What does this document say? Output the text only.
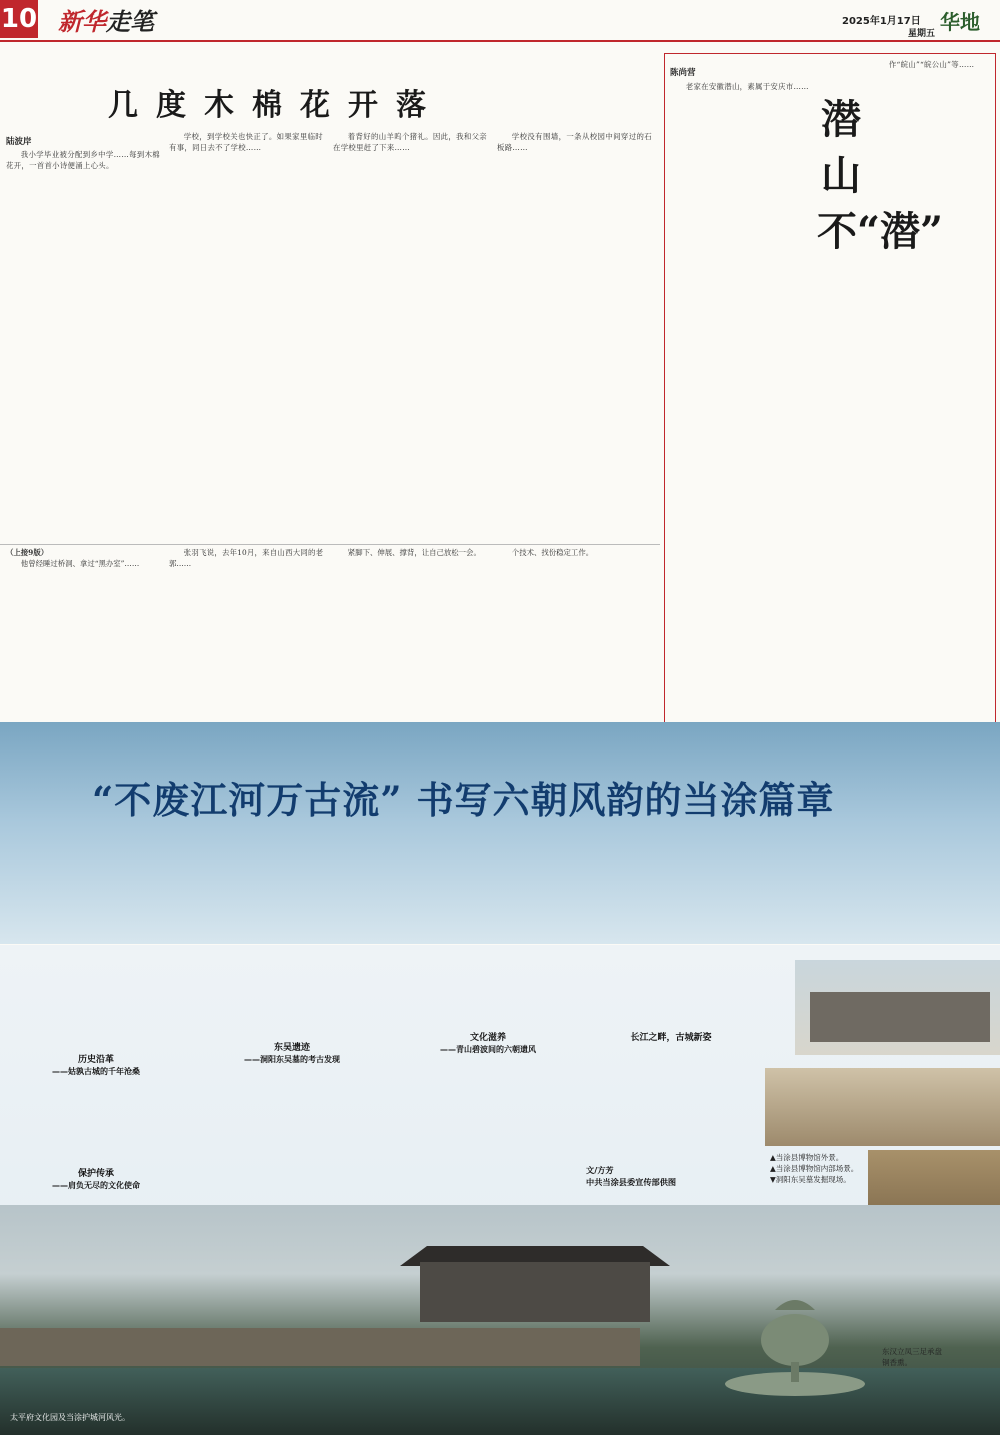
10 新华走笔	2025年1月17日
星期五 华地
几度木棉花开落
陆波岸

我小学毕业被分配到乡中学……每到木棉花开，一首首小诗便涌上心头。

学校，到学校关也快正了。如果家里临时有事，同日去不了学校……

着背好的山羊呜个猪礼。因此，我和父亲在学校里赶了下来……

学校没有围墙，一条从校园中间穿过的石板路……

（上接9版）

他曾经睡过桥洞、拿过“黑办室”……

张羽飞说，去年10月，来自山西大同的老郭……

紧脚下、伸展、撑背，让自己放松一会。	个技术、找份稳定工作。

陈尚营
潜山不“潜”

老家在安徽潜山，素属于安庆市……

作“皖山”“皖公山”等……

“不废江河万古流” 书写六朝风韵的当涂篇章
历史沿革
——姑孰古城的千年沧桑
保护传承
——肩负无尽的文化使命
东吴遗迹
——洞阳东吴墓的考古发现
文化滋养
——青山碧波间的六朝遗风
长江之畔，古城新姿
文/方芳
中共当涂县委宣传部供图
▲当涂县博物馆外景。
▲当涂县博物馆内部场景。
▼洞阳东吴墓发掘现场。
东汉立凤三足承盘铜香熏。
太平府文化园及当涂护城河风光。
